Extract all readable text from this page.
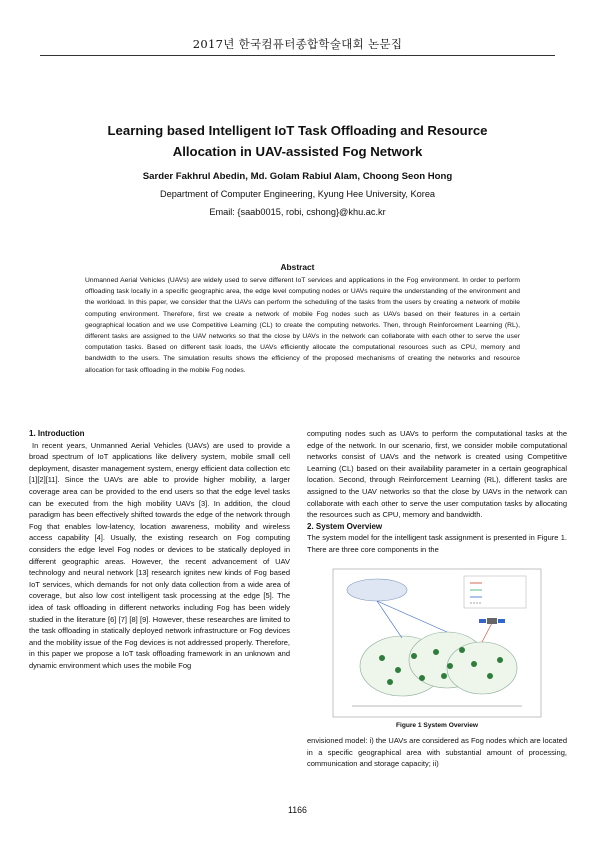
2017년 한국컴퓨터종합학술대회 논문집
Learning based Intelligent IoT Task Offloading and Resource
Allocation in UAV-assisted Fog Network
Sarder Fakhrul Abedin, Md. Golam Rabiul Alam, Choong Seon Hong
Department of Computer Engineering, Kyung Hee University, Korea
Email: {saab0015, robi, cshong}@khu.ac.kr
Abstract
Unmanned Aerial Vehicles (UAVs) are widely used to serve different IoT services and applications in the Fog environment. In order to perform offloading task locally in a specific geographic area, the edge level computing nodes or UAVs require the understanding of the environment and the workload. In this paper, we consider that the UAVs can perform the scheduling of the tasks from the users by creating a network of mobile computing environment. Therefore, first we create a network of mobile Fog nodes such as UAVs based on their features in a certain geographical location and we use Competitive Learning (CL) to create the computing networks. Then, through Reinforcement Learning (RL), different tasks are assigned to the UAV networks so that the close by UAVs in the network can collaborate with each other to serve the user computation tasks. Based on different task loads, the UAVs efficiently allocate the computational resources such as CPU, memory and bandwidth to the users. The simulation results shows the efficiency of the proposed mechanisms of creating the networks and resource allocation for task offloading in the mobile Fog nodes.
1. Introduction

In recent years, Unmanned Aerial Vehicles (UAVs) are used to provide a broad spectrum of IoT applications like delivery system, mobile small cell deployment, disaster management system, energy efficient data collection etc [1][2][11]. Since the UAVs are able to provide higher mobility, a larger coverage area can be provided to the end users so that the edge level tasks can be executed from the high mobility UAVs [3]. In addition, the cloud paradigm has been effectively shifted towards the edge of the network through Fog that enables low-latency, location awareness, mobility and wireless access capability [4]. Usually, the existing research on Fog computing considers the edge level Fog nodes or devices to be statically deployed in different geographic areas. However, the recent advancement of UAV technology and neural network [13] research ignites new kinds of Fog based IoT services, which demands for not only data collection from a wide area of coverage, but also low cost intelligent task processing at the edge [5]. The idea of task offloading in different networks including Fog has been widely studied in the literature [6] [7] [8] [9]. However, these researches are limited to the task offloading in statically deployed network infrastructure or Fog devices and the mobility issue of the Fog devices is not addressed properly. Therefore, in this paper we propose a IoT task offloading framework in an unknown and dynamic environment which uses the mobile Fog

computing nodes such as UAVs to perform the computational tasks at the edge of the network. In our scenario, first, we consider mobile computational networks consist of UAVs and the network is created using Competitive Learning (CL) based on their availability parameter in a certain geographical location. Second, through Reinforcement Learning (RL), different tasks are assigned to the UAV networks so that the close by UAVs in the network can collaborate with each other to serve the user computation tasks by allocating the resources such as CPU, memory and bandwidth.

2. System Overview

The system model for the intelligent task assignment is presented in Figure 1. There are three core components in the

Figure 1 System Overview

envisioned model: i) the UAVs are considered as Fog nodes which are located in a specific geographical area with substantial amount of processing, communication and storage capacity; ii)

1166
